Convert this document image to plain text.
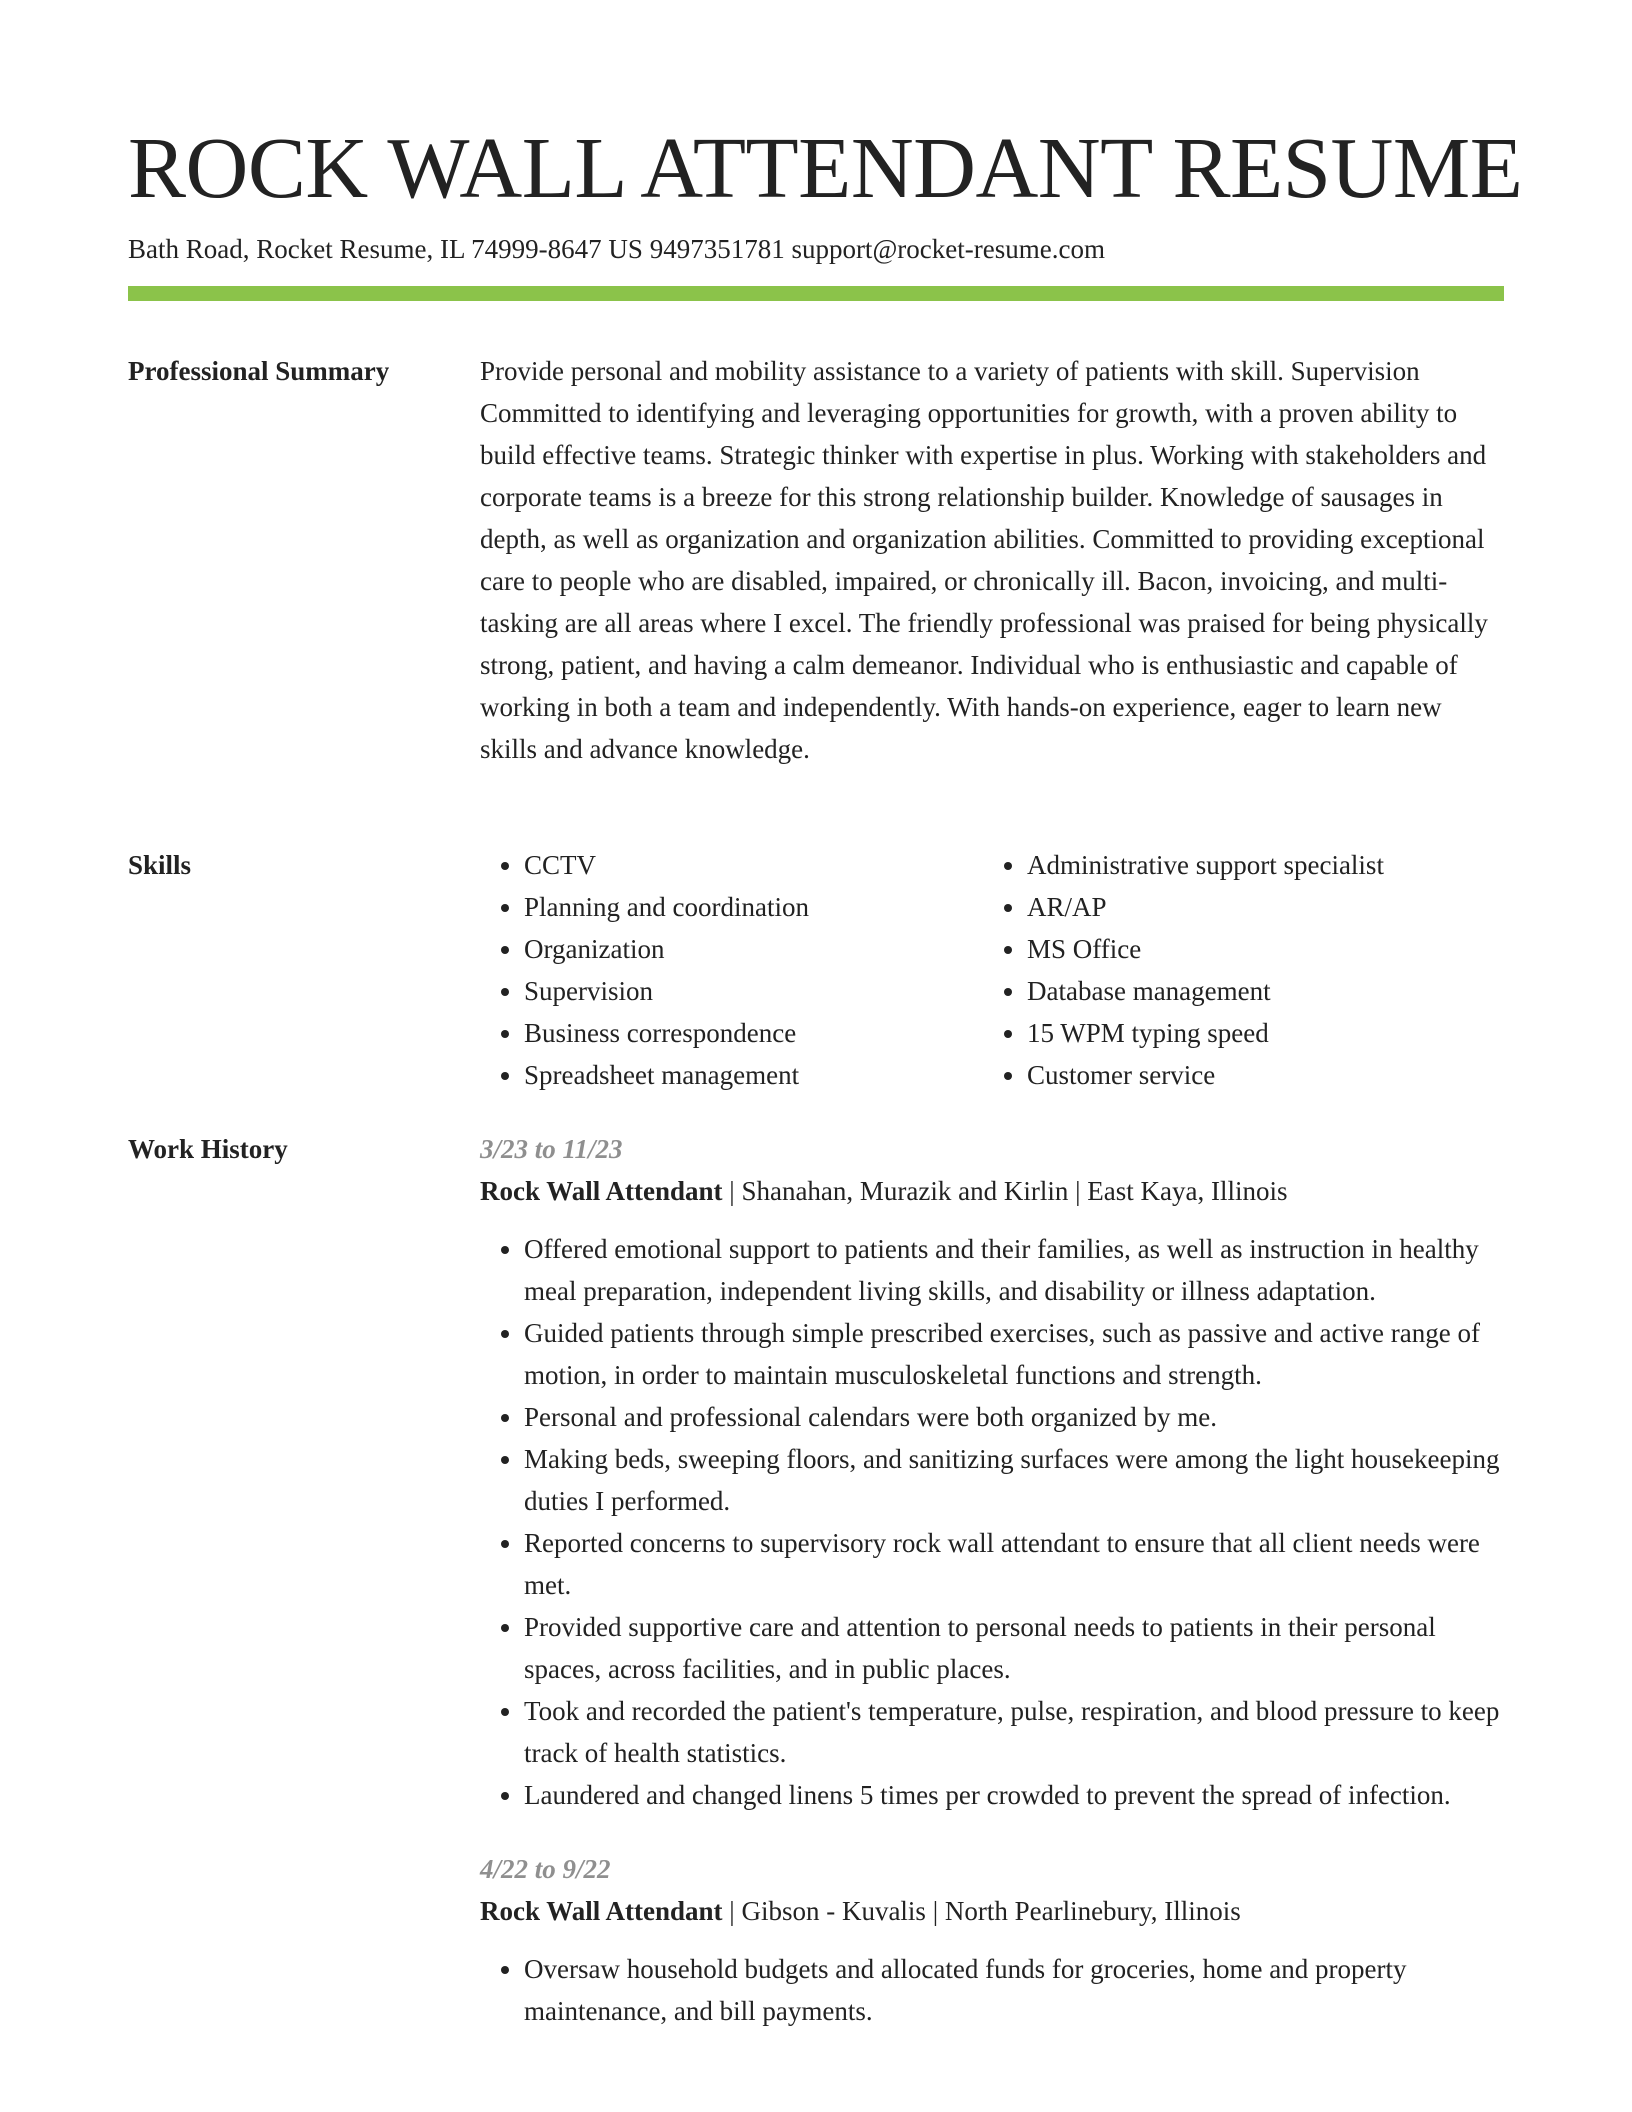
ROCK WALL ATTENDANT RESUME
Bath Road, Rocket Resume, IL 74999-8647 US 9497351781 support@rocket-resume.com
Professional Summary	Provide personal and mobility assistance to a variety of patients with skill. Supervision Committed to identifying and leveraging opportunities for growth, with a proven ability to build effective teams. Strategic thinker with expertise in plus. Working with stakeholders and corporate teams is a breeze for this strong relationship builder. Knowledge of sausages in depth, as well as organization and organization abilities. Committed to providing exceptional care to people who are disabled, impaired, or chronically ill. Bacon, invoicing, and multi-tasking are all areas where I excel. The friendly professional was praised for being physically strong, patient, and having a calm demeanor. Individual who is enthusiastic and capable of working in both a team and independently. With hands-on experience, eager to learn new skills and advance knowledge.

Skills
•	CCTV
• Planning and coordination
• Organization
• Supervision
• Business correspondence
• Spreadsheet management
• Administrative support specialist
• AR/AP
• MS Office
• Database management
• 15 WPM typing speed
• Customer service
Work History	3/23 to 11/23
Rock Wall Attendant | Shanahan, Murazik and Kirlin | East Kaya, Illinois
• Offered emotional support to patients and their families, as well as instruction in healthy meal preparation, independent living skills, and disability or illness adaptation.
• Guided patients through simple prescribed exercises, such as passive and active range of motion, in order to maintain musculoskeletal functions and strength.
• Personal and professional calendars were both organized by me.
• Making beds, sweeping floors, and sanitizing surfaces were among the light housekeeping duties I performed.
• Reported concerns to supervisory rock wall attendant to ensure that all client needs were met.
• Provided supportive care and attention to personal needs to patients in their personal spaces, across facilities, and in public places.
• Took and recorded the patient's temperature, pulse, respiration, and blood pressure to keep track of health statistics.
• Laundered and changed linens 5 times per crowded to prevent the spread of infection.
4/22 to 9/22
Rock Wall Attendant | Gibson - Kuvalis | North Pearlinebury, Illinois
• Oversaw household budgets and allocated funds for groceries, home and property maintenance, and bill payments.
